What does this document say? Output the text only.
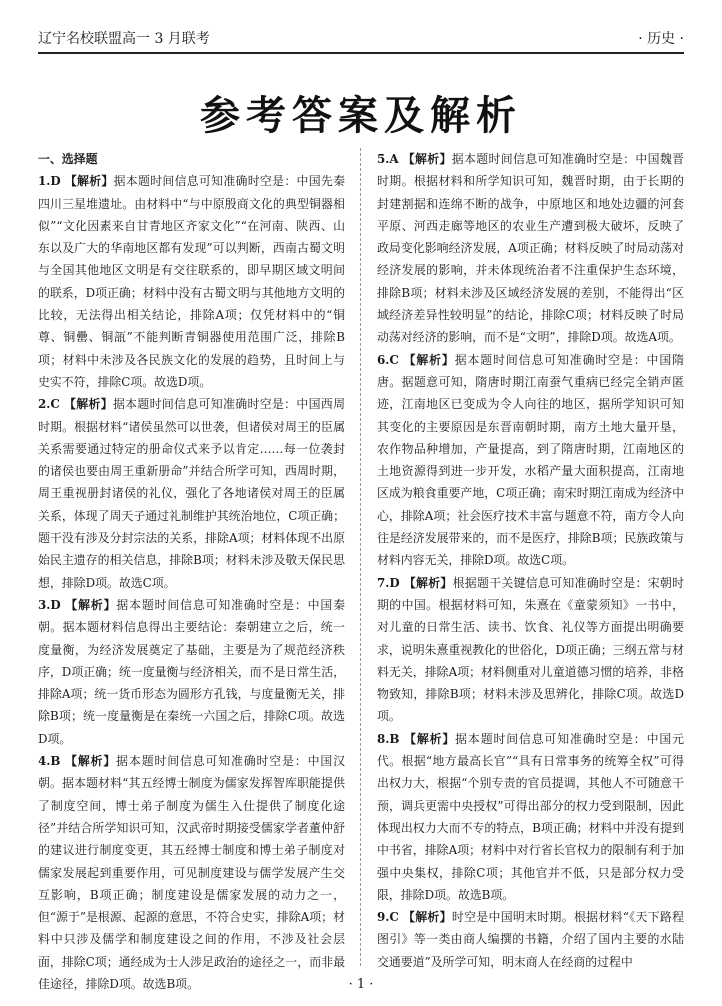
辽宁名校联盟高一 3 月联考	· 历史 ·
参考答案及解析

一、选择题

1.D 【解析】据本题时间信息可知准确时空是：中国先秦四川三星堆遗址。由材料中“与中原殷商文化的典型铜器相似”“文化因素来自甘青地区齐家文化”“在河南、陕西、山东以及广大的华南地区都有发现”可以判断，西南古蜀文明与全国其他地区文明是有交往联系的，即早期区域文明间的联系，D项正确；材料中没有古蜀文明与其他地方文明的比较，无法得出相关结论，排除A项；仅凭材料中的“铜尊、铜罍、铜瓿”不能判断青铜器使用范围广泛，排除B项；材料中未涉及各民族文化的发展的趋势，且时间上与史实不符，排除C项。故选D项。

2.C 【解析】据本题时间信息可知准确时空是：中国西周时期。根据材料“诸侯虽然可以世袭，但诸侯对周王的臣属关系需要通过特定的册命仪式来予以肯定……每一位袭封的诸侯也要由周王重新册命”并结合所学可知，西周时期，周王重视册封诸侯的礼仪，强化了各地诸侯对周王的臣属关系，体现了周天子通过礼制维护其统治地位，C项正确；题干没有涉及分封宗法的关系，排除A项；材料体现不出原始民主遗存的相关信息，排除B项；材料未涉及敬天保民思想，排除D项。故选C项。

3.D 【解析】据本题时间信息可知准确时空是：中国秦朝。据本题材料信息得出主要结论：秦朝建立之后，统一度量衡，为经济发展奠定了基础，主要是为了规范经济秩序，D项正确；统一度量衡与经济相关，而不是日常生活，排除A项；统一货币形态为圆形方孔钱，与度量衡无关，排除B项；统一度量衡是在秦统一六国之后，排除C项。故选D项。

4.B 【解析】据本题时间信息可知准确时空是：中国汉朝。据本题材料“其五经博士制度为儒家发挥智库职能提供了制度空间，博士弟子制度为儒生入仕提供了制度化途径”并结合所学知识可知，汉武帝时期接受儒家学者董仲舒的建议进行制度变更，其五经博士制度和博士弟子制度对儒家发展起到重要作用，可见制度建设与儒学发展产生交互影响，B项正确；制度建设是儒家发展的动力之一，但“源于”是根源、起源的意思，不符合史实，排除A项；材料中只涉及儒学和制度建设之间的作用，不涉及社会层面，排除C项；通经成为士人涉足政治的途径之一，而非最佳途径，排除D项。故选B项。

5.A 【解析】据本题时间信息可知准确时空是：中国魏晋时期。根据材料和所学知识可知，魏晋时期，由于长期的封建割据和连绵不断的战争，中原地区和地处边疆的河套平原、河西走廊等地区的农业生产遭到极大破坏，反映了政局变化影响经济发展，A项正确；材料反映了时局动荡对经济发展的影响，并未体现统治者不注重保护生态环境，排除B项；材料未涉及区域经济发展的差别，不能得出“区域经济差异性较明显”的结论，排除C项；材料反映了时局动荡对经济的影响，而不是“文明”，排除D项。故选A项。

6.C 【解析】据本题时间信息可知准确时空是：中国隋唐。据题意可知，隋唐时期江南蚕气重病已经完全销声匿迹，江南地区已变成为令人向往的地区，据所学知识可知其变化的主要原因是东晋南朝时期，南方土地大量开垦，农作物品种增加，产量提高，到了隋唐时期，江南地区的土地资源得到进一步开发，水稻产量大面积提高，江南地区成为粮食重要产地，C项正确；南宋时期江南成为经济中心，排除A项；社会医疗技术丰富与题意不符，南方令人向往是经济发展带来的，而不是医疗，排除B项；民族政策与材料内容无关，排除D项。故选C项。

7.D 【解析】根据题干关键信息可知准确时空是：宋朝时期的中国。根据材料可知，朱熹在《童蒙须知》一书中，对儿童的日常生活、读书、饮食、礼仪等方面提出明确要求，说明朱熹重视教化的世俗化，D项正确；三纲五常与材料无关，排除A项；材料侧重对儿童道德习惯的培养，非格物致知，排除B项；材料未涉及思辨化，排除C项。故选D项。

8.B 【解析】据本题时间信息可知准确时空是：中国元代。根据“地方最高长官”“具有日常事务的统筹全权”可得出权力大，根据“个别专责的官员提调，其他人不可随意干预，调兵更需中央授权”可得出部分的权力受到限制，因此体现出权力大而不专的特点，B项正确；材料中并没有提到中书省，排除A项；材料中对行省长官权力的限制有利于加强中央集权，排除C项；其他官并不低，只是部分权力受限，排除D项。故选B项。

9.C 【解析】时空是中国明末时期。根据材料“《天下路程图引》等一类由商人编撰的书籍，介绍了国内主要的水陆交通要道”及所学可知，明末商人在经商的过程中

· 1 ·
